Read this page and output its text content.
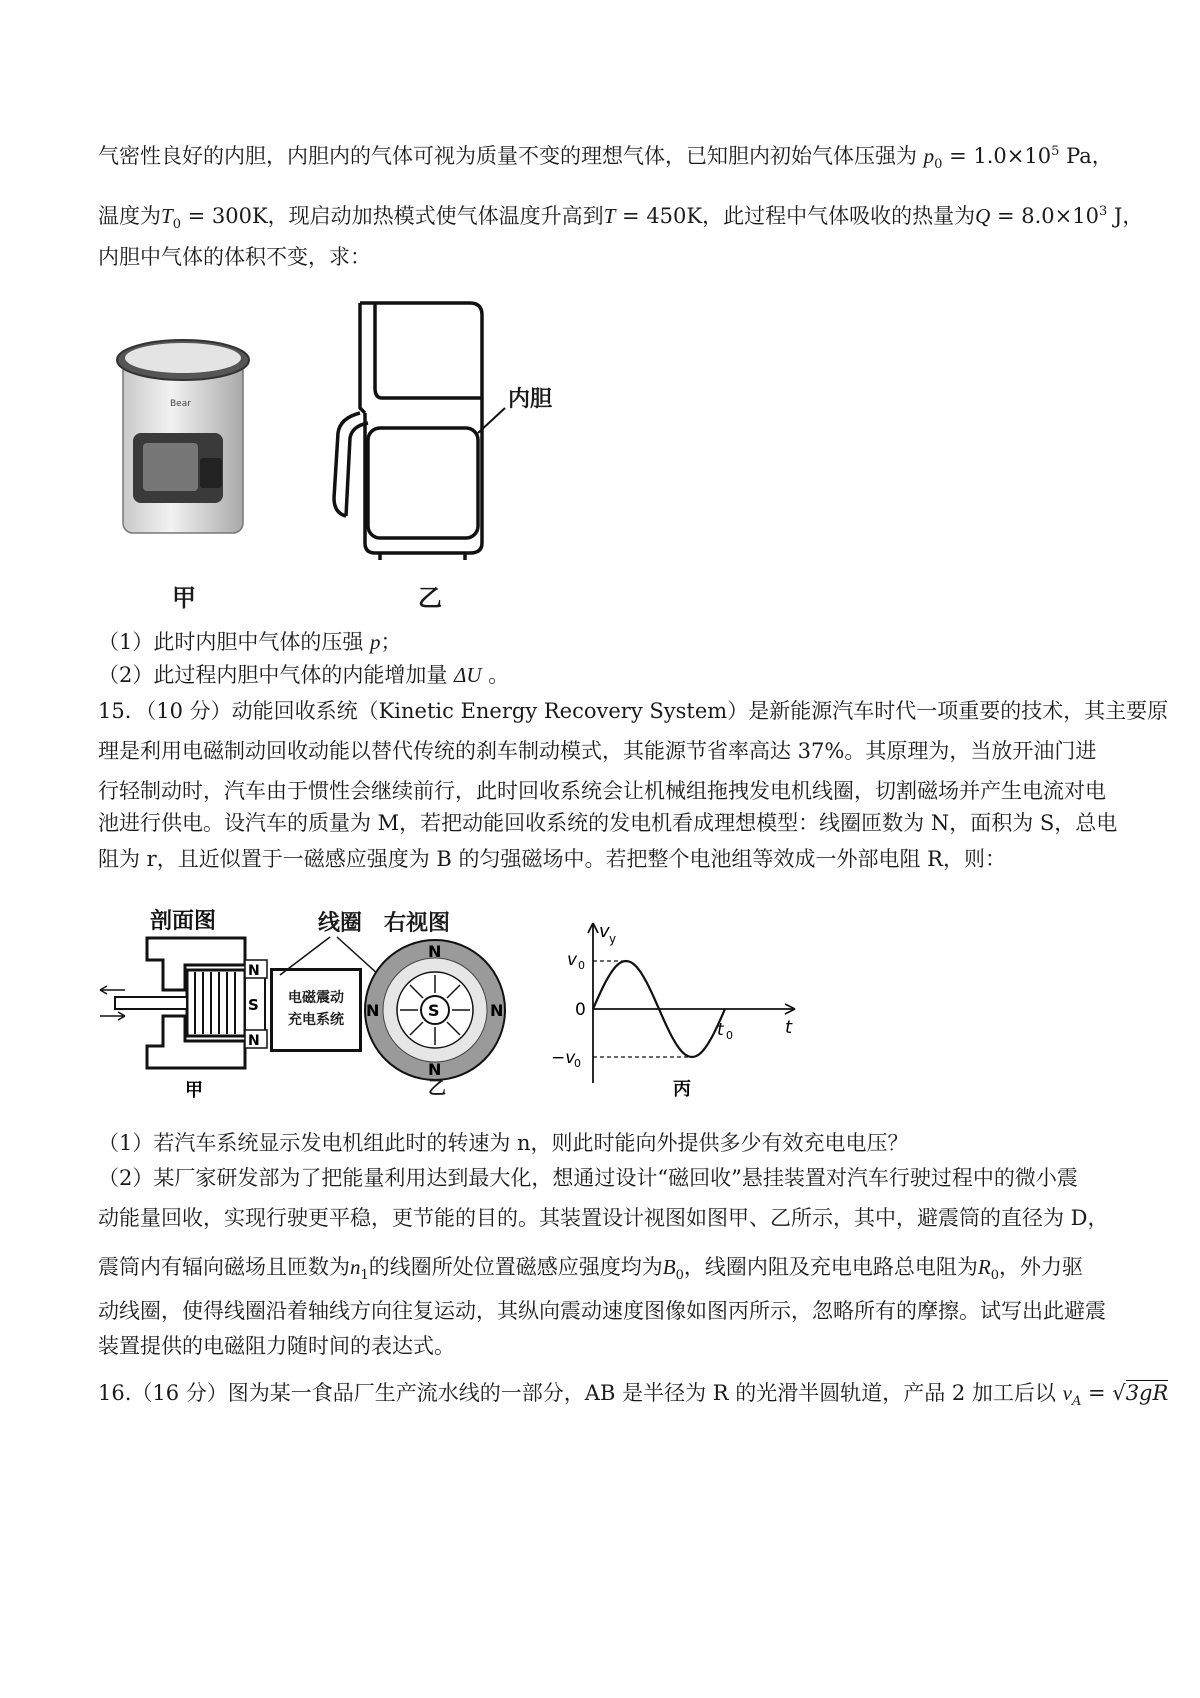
气密性良好的内胆，内胆内的气体可视为质量不变的理想气体，已知胆内初始气体压强为 $p_0 = 1.0\times 10^5$ Pa，
温度为$T_0 = 300K$，现启动加热模式使气体温度升高到T = 450K，此过程中气体吸收的热量为$Q = 8.0\times 10^3$ J，
内胆中气体的体积不变，求：
Bear
甲
内胆
乙
（1）此时内胆中气体的压强 p；
（2）此过程内胆中气体的内能增加量 ΔU 。
15．（10 分）动能回收系统（Kinetic Energy Recovery System）是新能源汽车时代一项重要的技术，其主要原
理是利用电磁制动回收动能以替代传统的刹车制动模式，其能源节省率高达 37%。其原理为，当放开油门进
行轻制动时，汽车由于惯性会继续前行，此时回收系统会让机械组拖拽发电机线圈，切割磁场并产生电流对电
池进行供电。设汽车的质量为 M，若把动能回收系统的发电机看成理想模型：线圈匝数为 N，面积为 S，总电
阻为 r，且近似置于一磁感应强度为 B 的匀强磁场中。若把整个电池组等效成一外部电阻 R，则：
剖面图
S
N
N
甲
线圈
电磁震动
充电系统
右视图
S
N
N
N	N
乙
v y
t
0
v 0
−v
0
t 0
丙
（1）若汽车系统显示发电机组此时的转速为 n，则此时能向外提供多少有效充电电压？
（2）某厂家研发部为了把能量利用达到最大化，想通过设计“磁回收”悬挂装置对汽车行驶过程中的微小震
动能量回收，实现行驶更平稳，更节能的目的。其装置设计视图如图甲、乙所示，其中，避震筒的直径为 D，
震筒内有辐向磁场且匝数为$n_1$的线圈所处位置磁感应强度均为$B_0$，线圈内阻及充电电路总电阻为$R_0$，外力驱
动线圈，使得线圈沿着轴线方向往复运动，其纵向震动速度图像如图丙所示，忽略所有的摩擦。试写出此避震
装置提供的电磁阻力随时间的表达式。
16.（16 分）图为某一食品厂生产流水线的一部分，AB 是半径为 R 的光滑半圆轨道，产品 2 加工后以 $v_A = √3gR$
